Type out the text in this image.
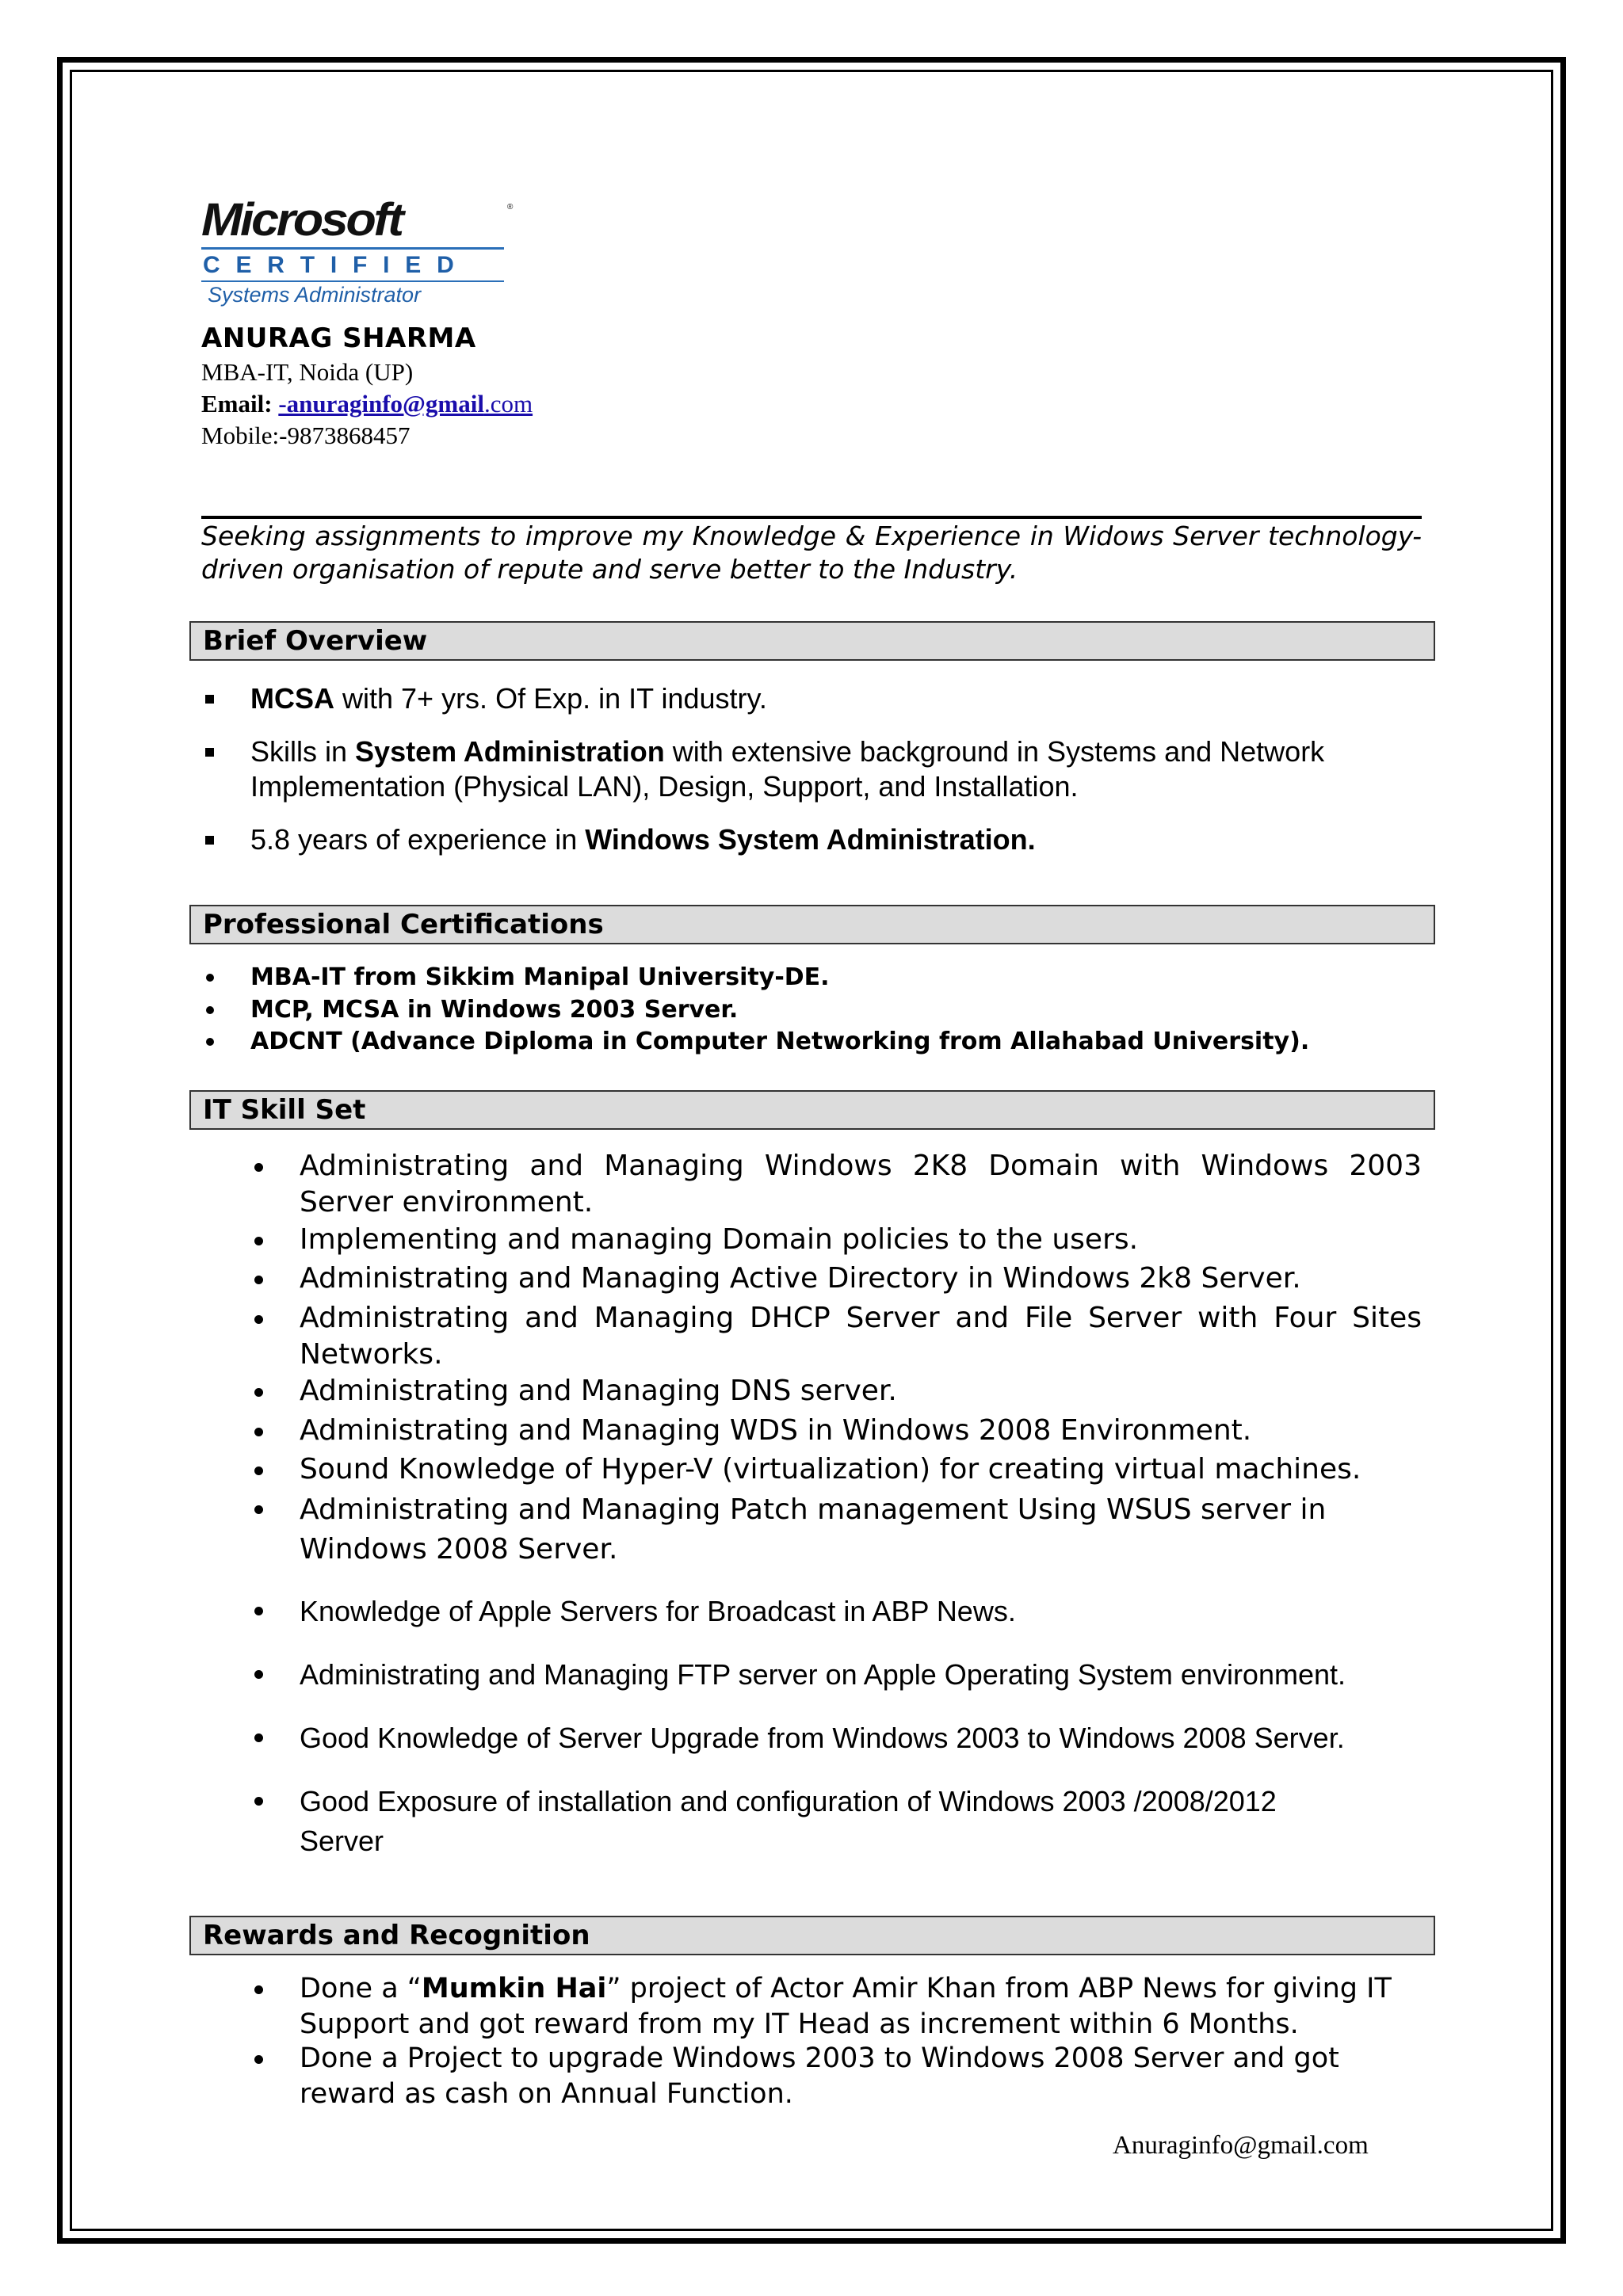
Microsoft	®
CERTIFIED
Systems Administrator
ANURAG SHARMA
MBA-IT, Noida (UP)
Email: -anuraginfo@gmail.com
Mobile:-9873868457
Seeking assignments to improve my Knowledge & Experience in Widows Server technology-driven organisation of repute and serve better to the Industry.
Brief Overview
MCSA with 7+ yrs. Of Exp. in IT industry.
Skills in System Administration with extensive background in Systems and Network Implementation (Physical LAN), Design, Support, and Installation.
5.8 years of experience in Windows System Administration.
Professional Certifications
MBA-IT from Sikkim Manipal University-DE.
MCP, MCSA in Windows 2003 Server.
ADCNT (Advance Diploma in Computer Networking from Allahabad University).
IT Skill Set
Administrating and Managing Windows 2K8 Domain with Windows 2003 Server environment.
Implementing and managing Domain policies to the users.
Administrating and Managing Active Directory in Windows 2k8 Server.
Administrating and Managing DHCP Server and File Server with Four Sites Networks.
Administrating and Managing DNS server.
Administrating and Managing WDS in Windows 2008 Environment.
Sound Knowledge of Hyper-V (virtualization) for creating virtual machines.
Administrating and Managing Patch management Using WSUS server in Windows 2008 Server.
Knowledge of Apple Servers for Broadcast in ABP News.
Administrating and Managing FTP server on Apple Operating System environment.
Good Knowledge of Server Upgrade from Windows 2003 to Windows 2008 Server.
Good Exposure of installation and configuration of Windows 2003 /2008/2012 Server
Rewards and Recognition
Done a “Mumkin Hai” project of Actor Amir Khan from ABP News for giving IT Support and got reward from my IT Head as increment within 6 Months.
Done a Project to upgrade Windows 2003 to Windows 2008 Server and got reward as cash on Annual Function.
Anuraginfo@gmail.com
